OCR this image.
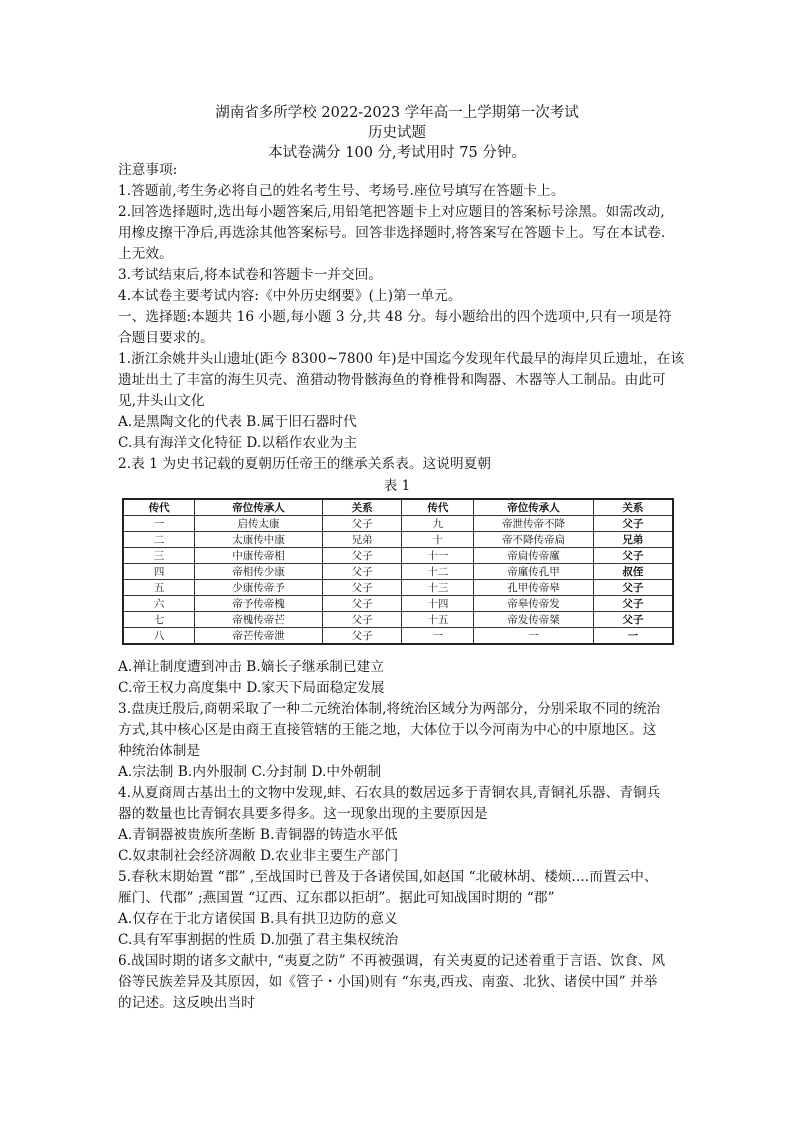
湖南省多所学校 2022-2023 学年高一上学期第一次考试
历史试题
本试卷满分 100 分,考试用时 75 分钟。
注意事项:
1.答题前,考生务必将自己的姓名考生号、考场号.座位号填写在答题卡上。
2.回答选择题时,选出每小题答案后,用铅笔把答题卡上对应题目的答案标号涂黑。如需改动,
用橡皮擦干净后,再选涂其他答案标号。回答非选择题时,将答案写在答题卡上。写在本试卷.
上无效。
3.考试结束后,将本试卷和答题卡一并交回。
4.本试卷主要考试内容:《中外历史纲要》(上)第一单元。
一、选择题:本题共 16 小题,每小题 3 分,共 48 分。每小题给出的四个选项中,只有一项是符
合题目要求的。
1.浙江余姚井头山遗址(距今 8300~7800 年)是中国迄今发现年代最早的海岸贝丘遗址，在该
遗址出土了丰富的海生贝壳、渔猎动物骨骸海鱼的脊椎骨和陶器、木器等人工制品。由此可
见,井头山文化
A.是黑陶文化的代表 B.属于旧石器时代
C.具有海洋文化特征 D.以稻作农业为主
2.表 1 为史书记载的夏朝历任帝王的继承关系表。这说明夏朝
表 1
传代	帝位传承人	关系	传代	帝位传承人	关系
一	启传太康	父子	九	帝泄传帝不降	父子
二	太康传中康	兄弟	十	帝不降传帝扃	兄弟
三	中康传帝相	父子	十一	帝扃传帝廑	父子
四	帝相传少康	父子	十二	帝廑传孔甲	叔侄
五	少康传帝予	父子	十三	孔甲传帝皋	父子
六	帝予传帝槐	父子	十四	帝皋传帝发	父子
七	帝槐传帝芒	父子	十五	帝发传帝桀	父子
八	帝芒传帝泄	父子	一	一	一
A.禅让制度遭到冲击 B.嫡长子继承制已建立
C.帝王权力高度集中 D.家天下局面稳定发展
3.盘庚迁殷后,商朝采取了一种二元统治体制,将统治区域分为两部分，分别采取不同的统治
方式,其中核心区是由商王直接管辖的王能之地，大体位于以今河南为中心的中原地区。这
种统治体制是
A.宗法制 B.内外服制 C.分封制 D.中外朝制
4.从夏商周古基出土的文物中发现,蚌、石农具的数居远多于青铜农具,青铜礼乐器、青铜兵
器的数量也比青铜农具要多得多。这一现象出现的主要原因是
A.青铜器被贵族所垄断 B.青铜器的铸造水平低
C.奴隶制社会经济凋敝 D.农业非主要生产部门
5.春秋末期始置 “郡” ,至战国时已普及于各诸侯国,如赵国 “北破林胡、楼烦....而置云中、
雁门、代郡” ;燕国置 “辽西、辽东郡以拒胡”。据此可知战国时期的 “郡”
A.仅存在于北方诸侯国 B.具有拱卫边防的意义
C.具有军事割据的性质 D.加强了君主集权统治
6.战国时期的诸多文献中, “夷夏之防” 不再被强调，有关夷夏的记述着重于言语、饮食、风
俗等民族差异及其原因，如《管子・小国)则有 “东夷,西戎、南蛮、北狄、诸侯中国” 并举
的记述。这反映出当时
